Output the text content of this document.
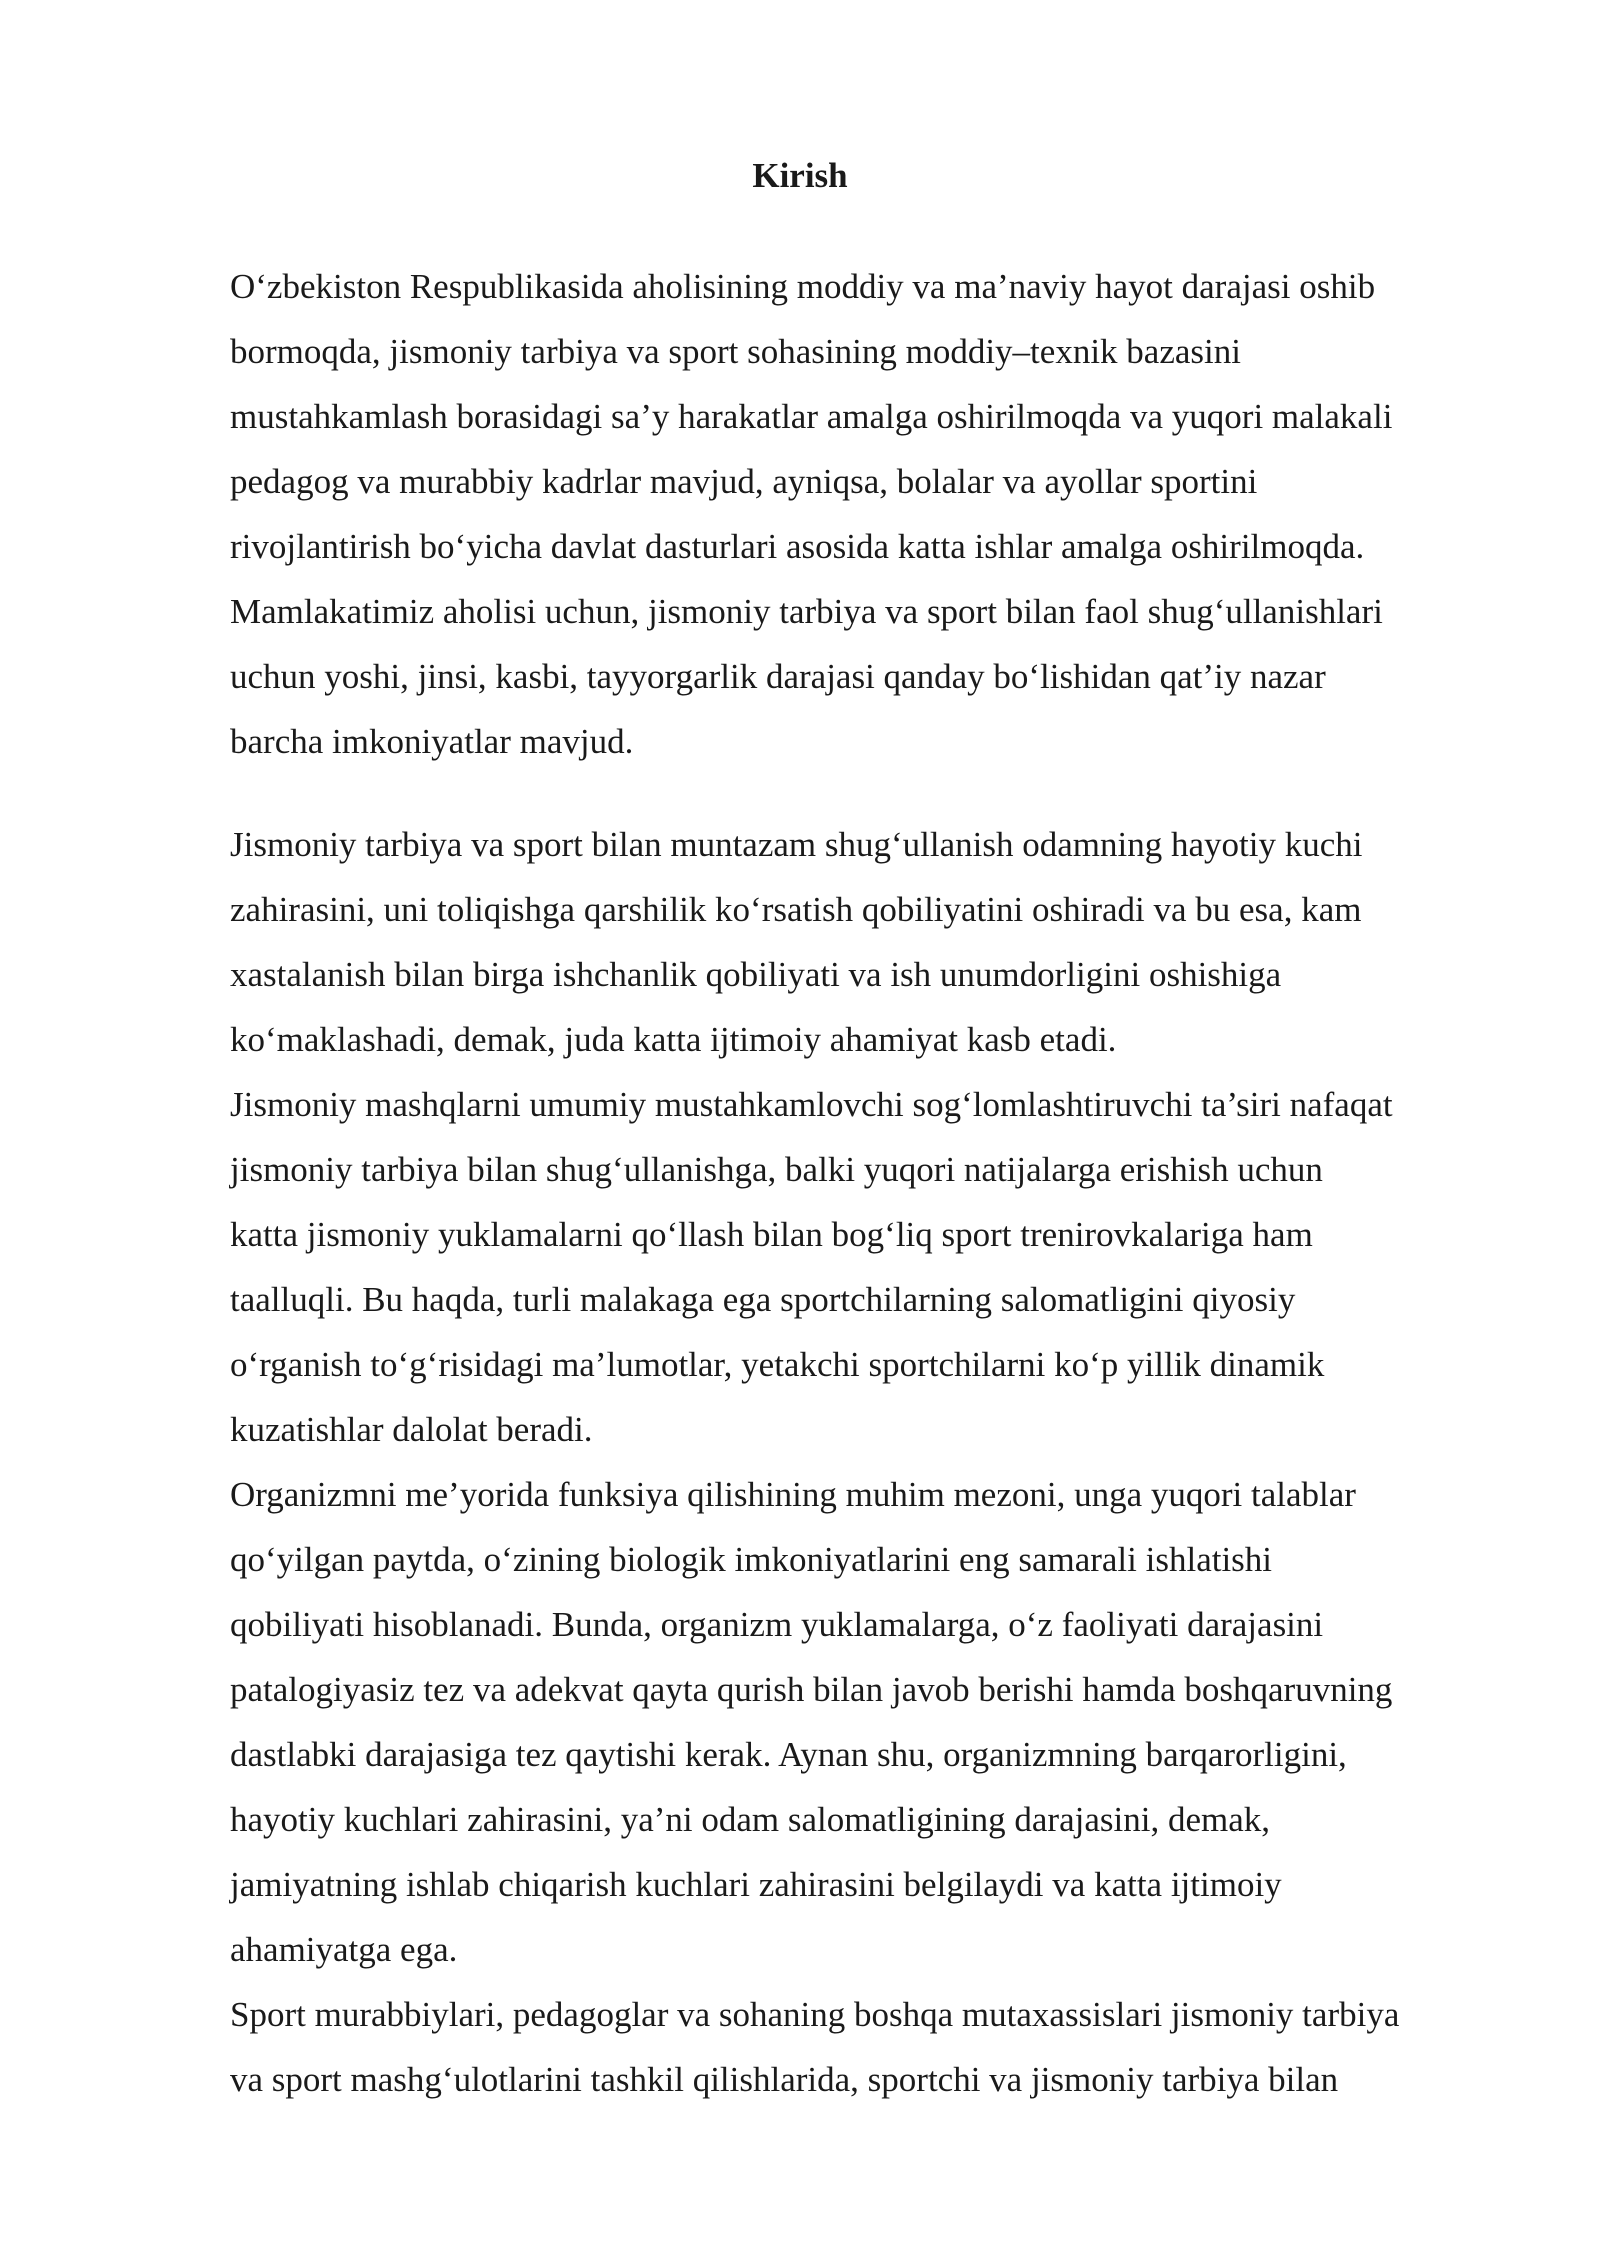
Kirish

O‘zbekiston Respublikasida aholisining moddiy va ma’naviy hayot darajasi oshib

bormoqda, jismoniy tarbiya va sport sohasining moddiy–texnik bazasini

mustahkamlash borasidagi sa’y harakatlar amalga oshirilmoqda va yuqori malakali

pedagog va murabbiy kadrlar mavjud, ayniqsa, bolalar va ayollar sportini

rivojlantirish bo‘yicha davlat dasturlari asosida katta ishlar amalga oshirilmoqda.

Mamlakatimiz aholisi uchun, jismoniy tarbiya va sport bilan faol shug‘ullanishlari

uchun yoshi, jinsi, kasbi, tayyorgarlik darajasi qanday bo‘lishidan qat’iy nazar

barcha imkoniyatlar mavjud.

Jismoniy tarbiya va sport bilan muntazam shug‘ullanish odamning hayotiy kuchi

zahirasini, uni toliqishga qarshilik ko‘rsatish qobiliyatini oshiradi va bu esa, kam

xastalanish bilan birga ishchanlik qobiliyati va ish unumdorligini oshishiga

ko‘maklashadi, demak, juda katta ijtimoiy ahamiyat kasb etadi.

Jismoniy mashqlarni umumiy mustahkamlovchi sog‘lomlashtiruvchi ta’siri nafaqat

jismoniy tarbiya bilan shug‘ullanishga, balki yuqori natijalarga erishish uchun

katta jismoniy yuklamalarni qo‘llash bilan bog‘liq sport trenirovkalariga ham

taalluqli. Bu haqda, turli malakaga ega sportchilarning salomatligini qiyosiy

o‘rganish to‘g‘risidagi ma’lumotlar, yetakchi sportchilarni ko‘p yillik dinamik

kuzatishlar dalolat beradi.

Organizmni me’yorida funksiya qilishining muhim mezoni, unga yuqori talablar

qo‘yilgan paytda, o‘zining biologik imkoniyatlarini eng samarali ishlatishi

qobiliyati hisoblanadi. Bunda, organizm yuklamalarga, o‘z faoliyati darajasini

patalogiyasiz tez va adekvat qayta qurish bilan javob berishi hamda boshqaruvning

dastlabki darajasiga tez qaytishi kerak. Aynan shu, organizmning barqarorligini,

hayotiy kuchlari zahirasini, ya’ni odam salomatligining darajasini, demak,

jamiyatning ishlab chiqarish kuchlari zahirasini belgilaydi va katta ijtimoiy

ahamiyatga ega.

Sport murabbiylari, pedagoglar va sohaning boshqa mutaxassislari jismoniy tarbiya

va sport mashg‘ulotlarini tashkil qilishlarida, sportchi va jismoniy tarbiya bilan
